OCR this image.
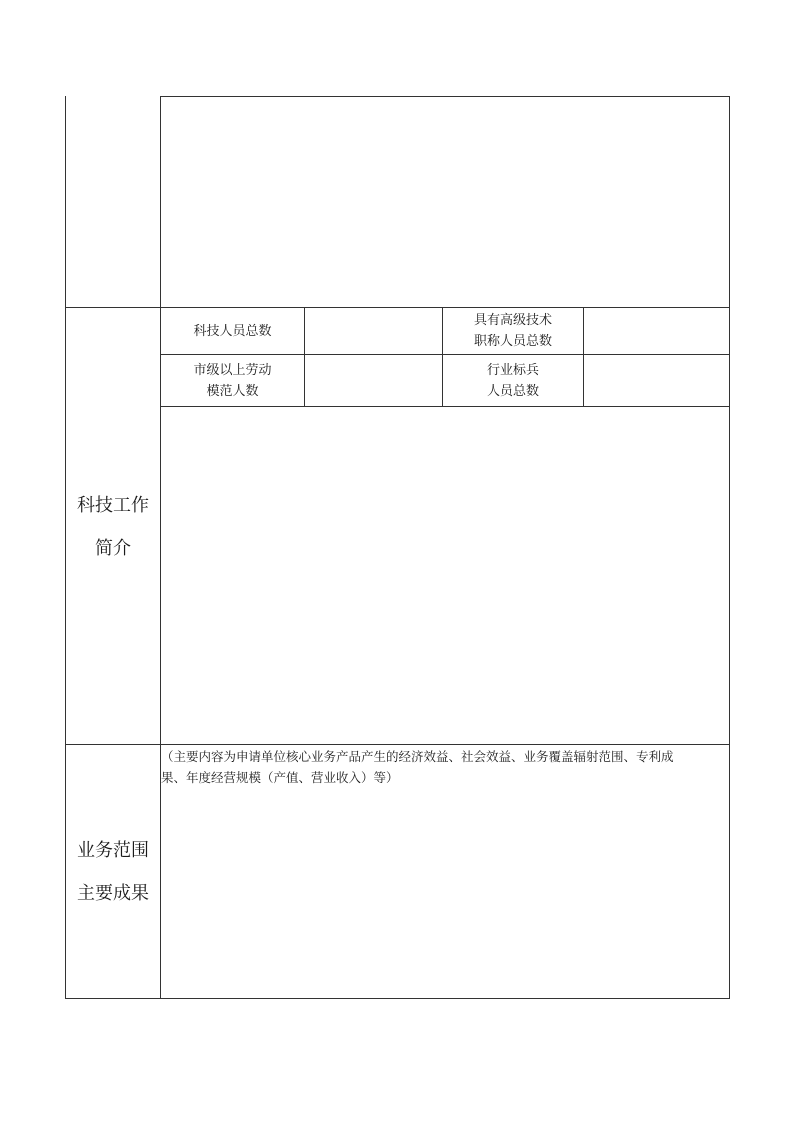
科技人员总数
具有高级技术
职称人员总数
市级以上劳动
模范人数
行业标兵
人员总数
科技工作
简介
业务范围
主要成果
（主要内容为申请单位核心业务产品产生的经济效益、社会效益、业务覆盖辐射范围、专利成
果、年度经营规模（产值、营业收入）等）
